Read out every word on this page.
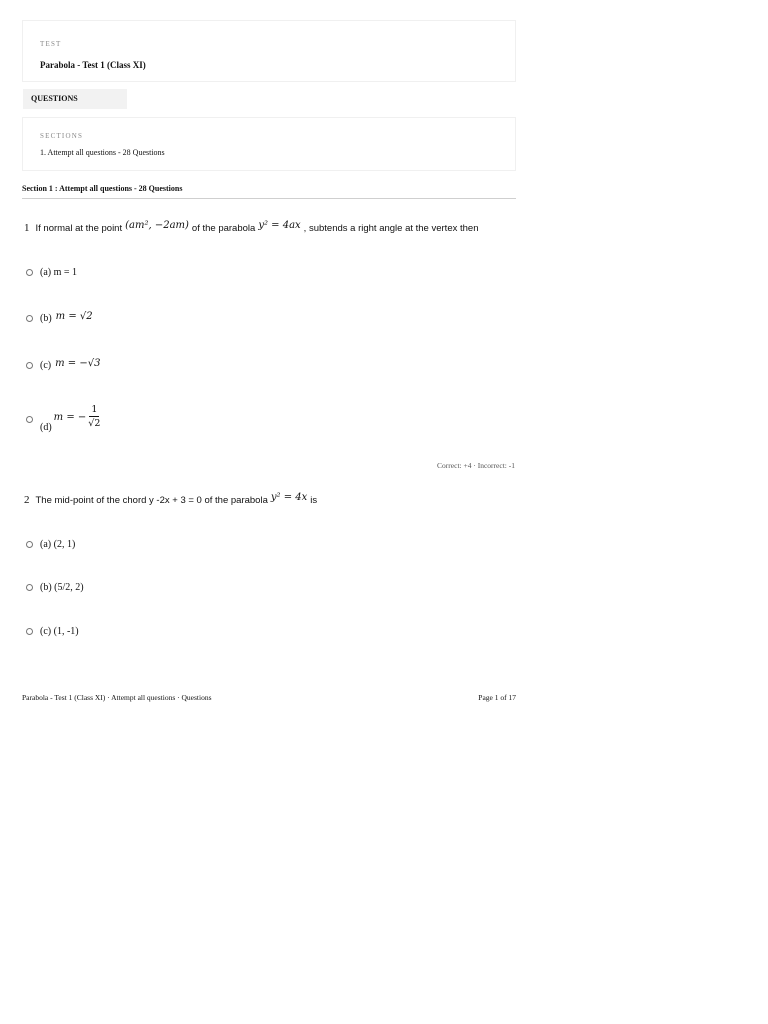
TEST
Parabola - Test 1 (Class XI)
QUESTIONS
SECTIONS
1. Attempt all questions - 28 Questions
Section 1 : Attempt all questions - 28 Questions
1 If normal at the point (am², −2am) of the parabola y² = 4ax , subtends a right angle at the vertex then
(a)
m = 1
(b) m = √2
(c) m = −√3
(d)
m = − $\frac{1}{√2}$
Correct: +4 · Incorrect: -1
2 The mid-point of the chord y -2x + 3 = 0 of the parabola y² = 4x is
(a)
(2, 1)
(b)
(5/2, 2)
(c)
(1, -1)
Parabola - Test 1 (Class XI) · Attempt all questions · Questions	Page 1 of 17
